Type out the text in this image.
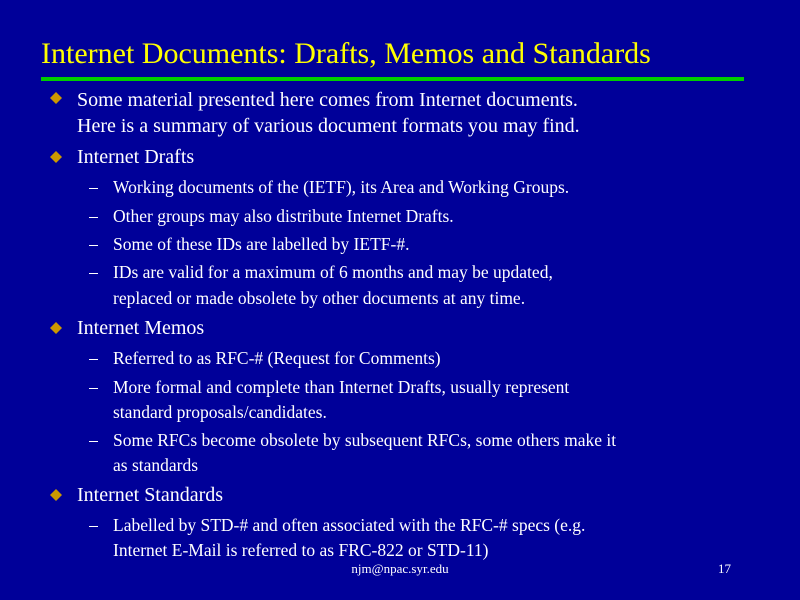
Internet Documents: Drafts, Memos and Standards
Some material presented here comes from Internet documents.
Here is a summary of various document formats you may find.
Internet Drafts
Working documents of the (IETF), its Area and Working Groups.
Other groups may also distribute Internet Drafts.
Some of these IDs are labelled by IETF-#.
IDs are valid for a maximum of 6 months and may be updated,
replaced or made obsolete by other documents at any time.
Internet Memos
Referred to as RFC-# (Request for Comments)
More formal and complete than Internet Drafts, usually represent
standard proposals/candidates.
Some RFCs become obsolete by subsequent RFCs, some others make it
as standards
Internet Standards
Labelled by STD-# and often associated with the RFC-# specs (e.g.
Internet E-Mail is referred to as FRC-822 or STD-11)
njm@npac.syr.edu	17
